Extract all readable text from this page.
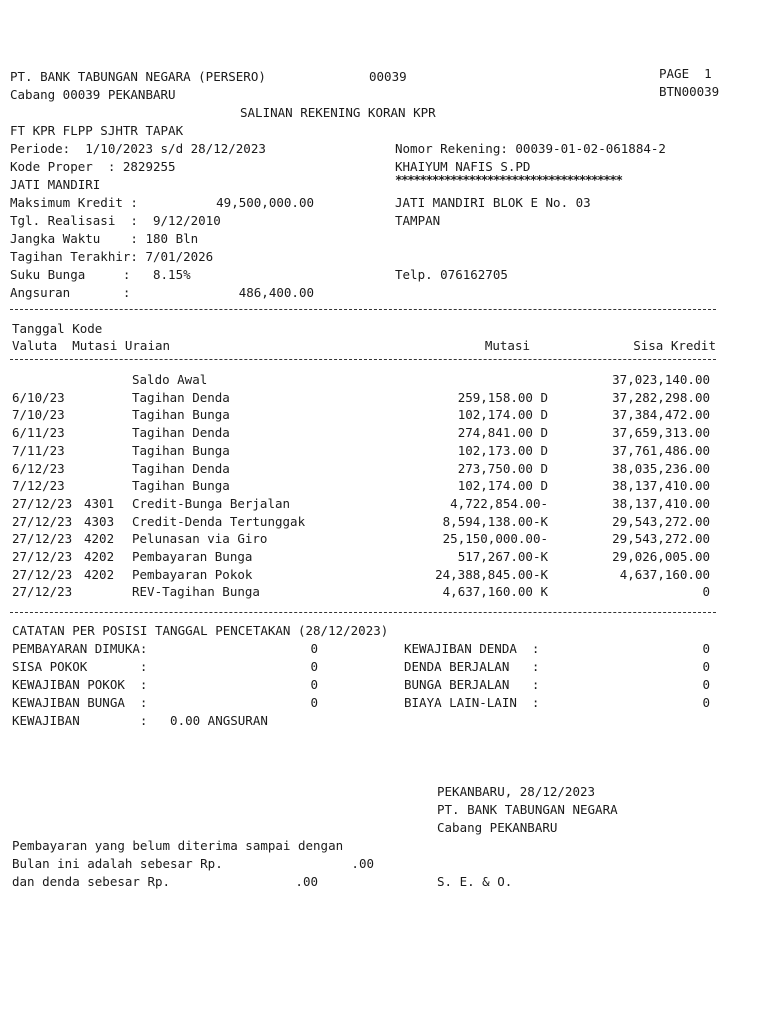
PT. BANK TABUNGAN NEGARA (PERSERO)	00039
Cabang 00039 PEKANBARU
PAGE  1
BTN00039
SALINAN REKENING KORAN KPR
FT KPR FLPP SJHTR TAPAK
Periode:  1/10/2023 s/d 28/12/2023
Kode Proper  : 2829255
JATI MANDIRI
Maksimum Kredit :	49,500,000.00
Tgl. Realisasi  :  9/12/2010
Jangka Waktu    : 180 Bln
Tagihan Terakhir: 7/01/2026
Suku Bunga     :   8.15%
Angsuran       :	486,400.00
Nomor Rekening: 00039-01-02-061884-2
KHAIYUM NAFIS S.PD
*************************************
JATI MANDIRI BLOK E No. 03
TAMPAN
Telp. 076162705
Tanggal Kode
Valuta  Mutasi Uraian	Mutasi	Sisa Kredit
Saldo Awal	37,023,140.00
6/10/23	Tagihan Denda	259,158.00 D	37,282,298.00
7/10/23	Tagihan Bunga	102,174.00 D	37,384,472.00
6/11/23	Tagihan Denda	274,841.00 D	37,659,313.00
7/11/23	Tagihan Bunga	102,173.00 D	37,761,486.00
6/12/23	Tagihan Denda	273,750.00 D	38,035,236.00
7/12/23	Tagihan Bunga	102,174.00 D	38,137,410.00
27/12/23 4301 Credit-Bunga Berjalan	4,722,854.00-	38,137,410.00
27/12/23 4303 Credit-Denda Tertunggak	8,594,138.00-K	29,543,272.00
27/12/23 4202 Pelunasan via Giro	25,150,000.00-	29,543,272.00
27/12/23 4202 Pembayaran Bunga	517,267.00-K	29,026,005.00
27/12/23 4202 Pembayaran Pokok	24,388,845.00-K	4,637,160.00
27/12/23	REV-Tagihan Bunga	4,637,160.00 K	0
CATATAN PER POSISI TANGGAL PENCETAKAN (28/12/2023)
PEMBAYARAN DIMUKA:	0
SISA POKOK       :	0
KEWAJIBAN POKOK  :	0
KEWAJIBAN BUNGA  :	0
KEWAJIBAN DENDA  :	0
DENDA BERJALAN   :	0
BUNGA BERJALAN   :	0
BIAYA LAIN-LAIN  :	0
KEWAJIBAN        :   0.00 ANGSURAN
PEKANBARU, 28/12/2023
PT. BANK TABUNGAN NEGARA
Cabang PEKANBARU
Pembayaran yang belum diterima sampai dengan
Bulan ini adalah sebesar Rp.	.00
dan denda sebesar Rp.	.00	S. E. & O.
